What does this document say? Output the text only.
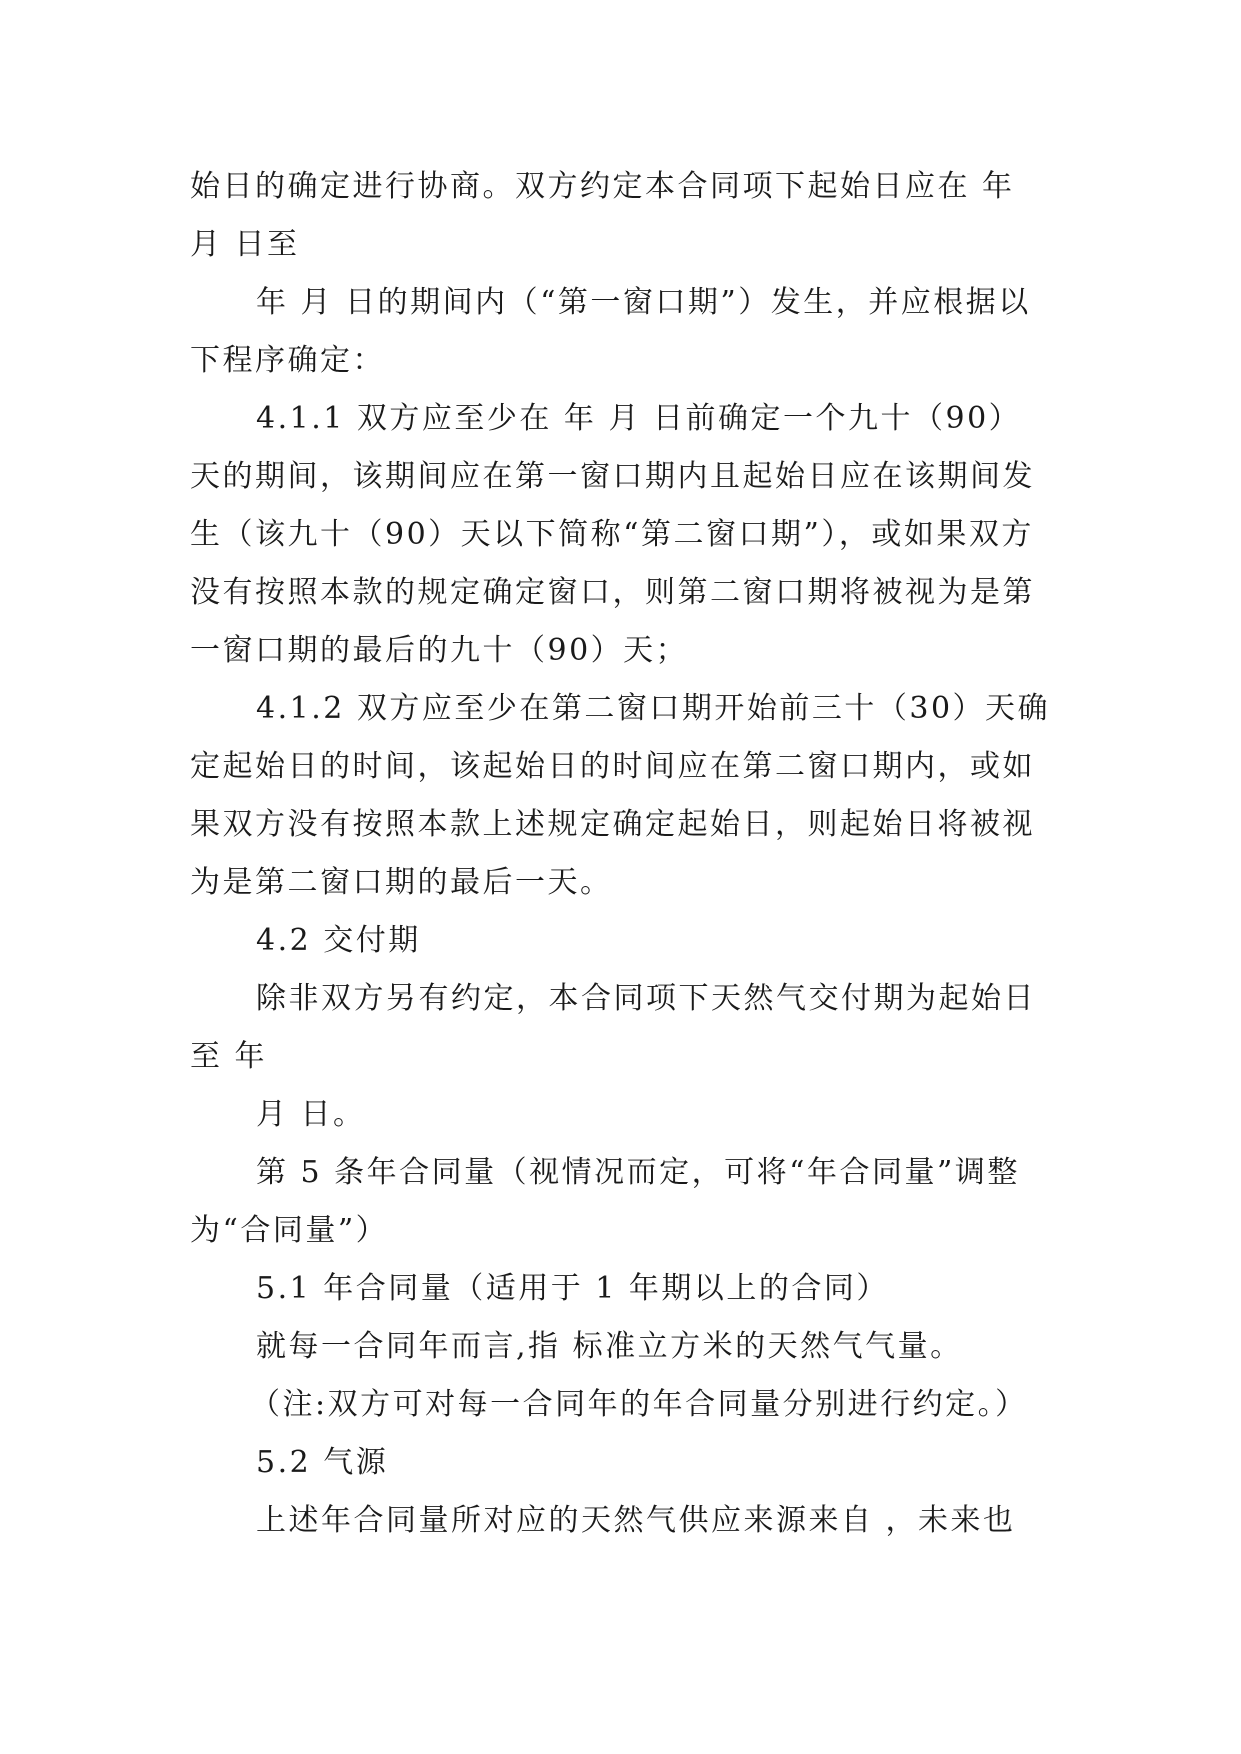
始日的确定进行协商。双方约定本合同项下起始日应在 年
月 日至
年 月 日的期间内（“第一窗口期”）发生，并应根据以
下程序确定：
4.1.1 双方应至少在 年 月 日前确定一个九十（90）
天的期间，该期间应在第一窗口期内且起始日应在该期间发
生（该九十（90）天以下简称“第二窗口期”），或如果双方
没有按照本款的规定确定窗口，则第二窗口期将被视为是第
一窗口期的最后的九十（90）天；
4.1.2 双方应至少在第二窗口期开始前三十（30）天确
定起始日的时间，该起始日的时间应在第二窗口期内，或如
果双方没有按照本款上述规定确定起始日，则起始日将被视
为是第二窗口期的最后一天。
4.2 交付期
除非双方另有约定，本合同项下天然气交付期为起始日
至 年
月 日。
第 5 条年合同量（视情况而定，可将“年合同量”调整
为“合同量”）
5.1 年合同量（适用于 1 年期以上的合同）
就每一合同年而言,指 标准立方米的天然气气量。
（注:双方可对每一合同年的年合同量分别进行约定。）
5.2 气源
上述年合同量所对应的天然气供应来源来自 ，未来也
